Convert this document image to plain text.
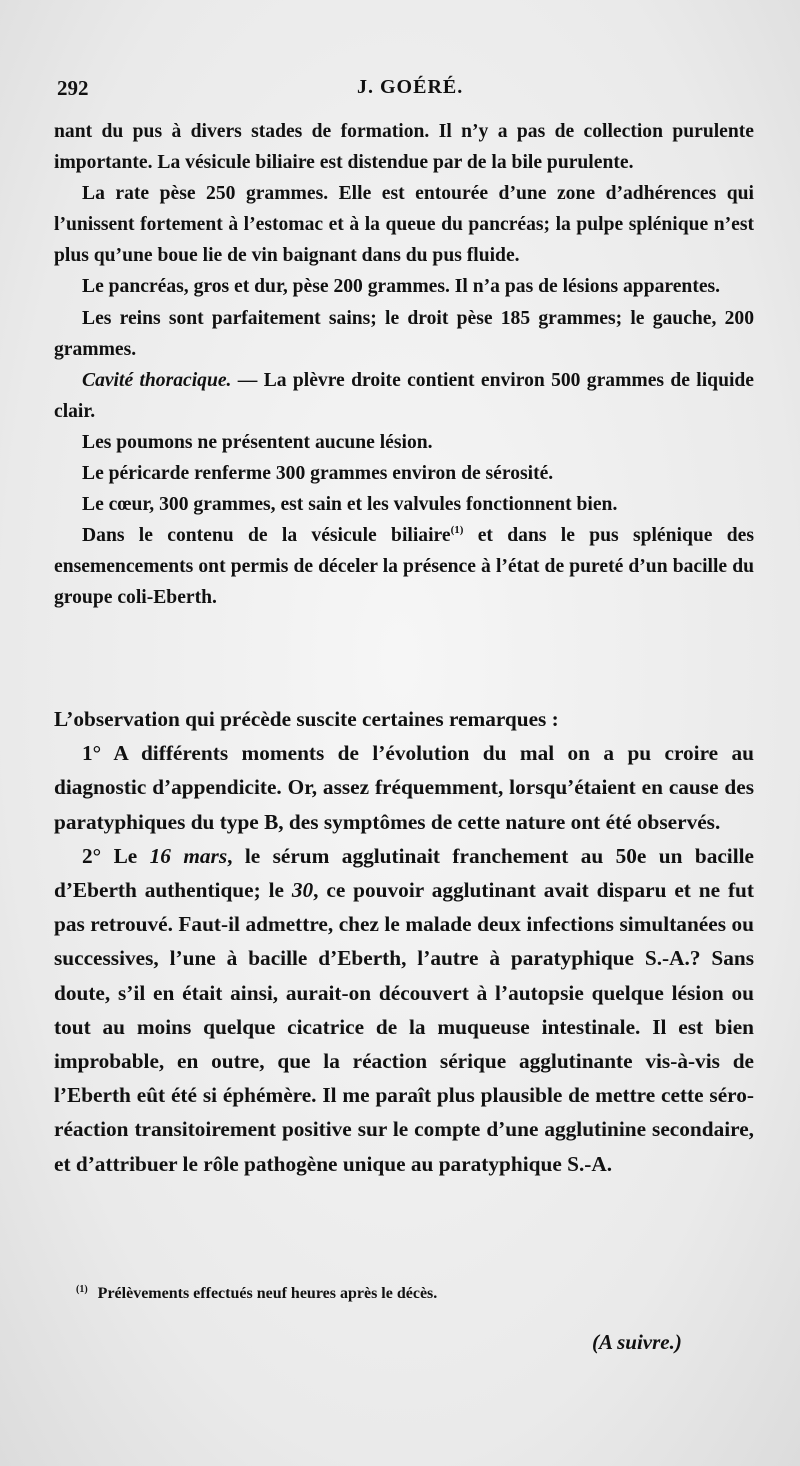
292	J. GOÉRÉ.

nant du pus à divers stades de formation. Il n’y a pas de collection purulente importante. La vésicule biliaire est distendue par de la bile purulente.

La rate pèse 250 grammes. Elle est entourée d’une zone d’adhérences qui l’unissent fortement à l’estomac et à la queue du pancréas; la pulpe splénique n’est plus qu’une boue lie de vin baignant dans du pus fluide.

Le pancréas, gros et dur, pèse 200 grammes. Il n’a pas de lésions apparentes.

Les reins sont parfaitement sains; le droit pèse 185 grammes; le gauche, 200 grammes.

Cavité thoracique. — La plèvre droite contient environ 500 grammes de liquide clair.

Les poumons ne présentent aucune lésion.

Le péricarde renferme 300 grammes environ de sérosité.

Le cœur, 300 grammes, est sain et les valvules fonctionnent bien.

Dans le contenu de la vésicule biliaire$^{(1)}$ et dans le pus splénique des ensemencements ont permis de déceler la présence à l’état de pureté d’un bacille du groupe coli-Eberth.

L’observation qui précède suscite certaines remarques :

1° A différents moments de l’évolution du mal on a pu croire au diagnostic d’appendicite. Or, assez fréquemment, lorsqu’étaient en cause des paratyphiques du type B, des symptômes de cette nature ont été observés.

2° Le 16 mars, le sérum agglutinait franchement au 50e un bacille d’Eberth authentique; le 30, ce pouvoir agglutinant avait disparu et ne fut pas retrouvé. Faut-il admettre, chez le malade deux infections simultanées ou successives, l’une à bacille d’Eberth, l’autre à paratyphique S.-A.? Sans doute, s’il en était ainsi, aurait-on découvert à l’autopsie quelque lésion ou tout au moins quelque cicatrice de la muqueuse intestinale. Il est bien improbable, en outre, que la réaction sérique agglutinante vis-à-vis de l’Eberth eût été si éphémère. Il me paraît plus plausible de mettre cette séro-réaction transitoirement positive sur le compte d’une agglutinine secondaire, et d’attribuer le rôle pathogène unique au paratyphique S.-A.

$^{(1)}$ Prélèvements effectués neuf heures après le décès.
(A suivre.)
